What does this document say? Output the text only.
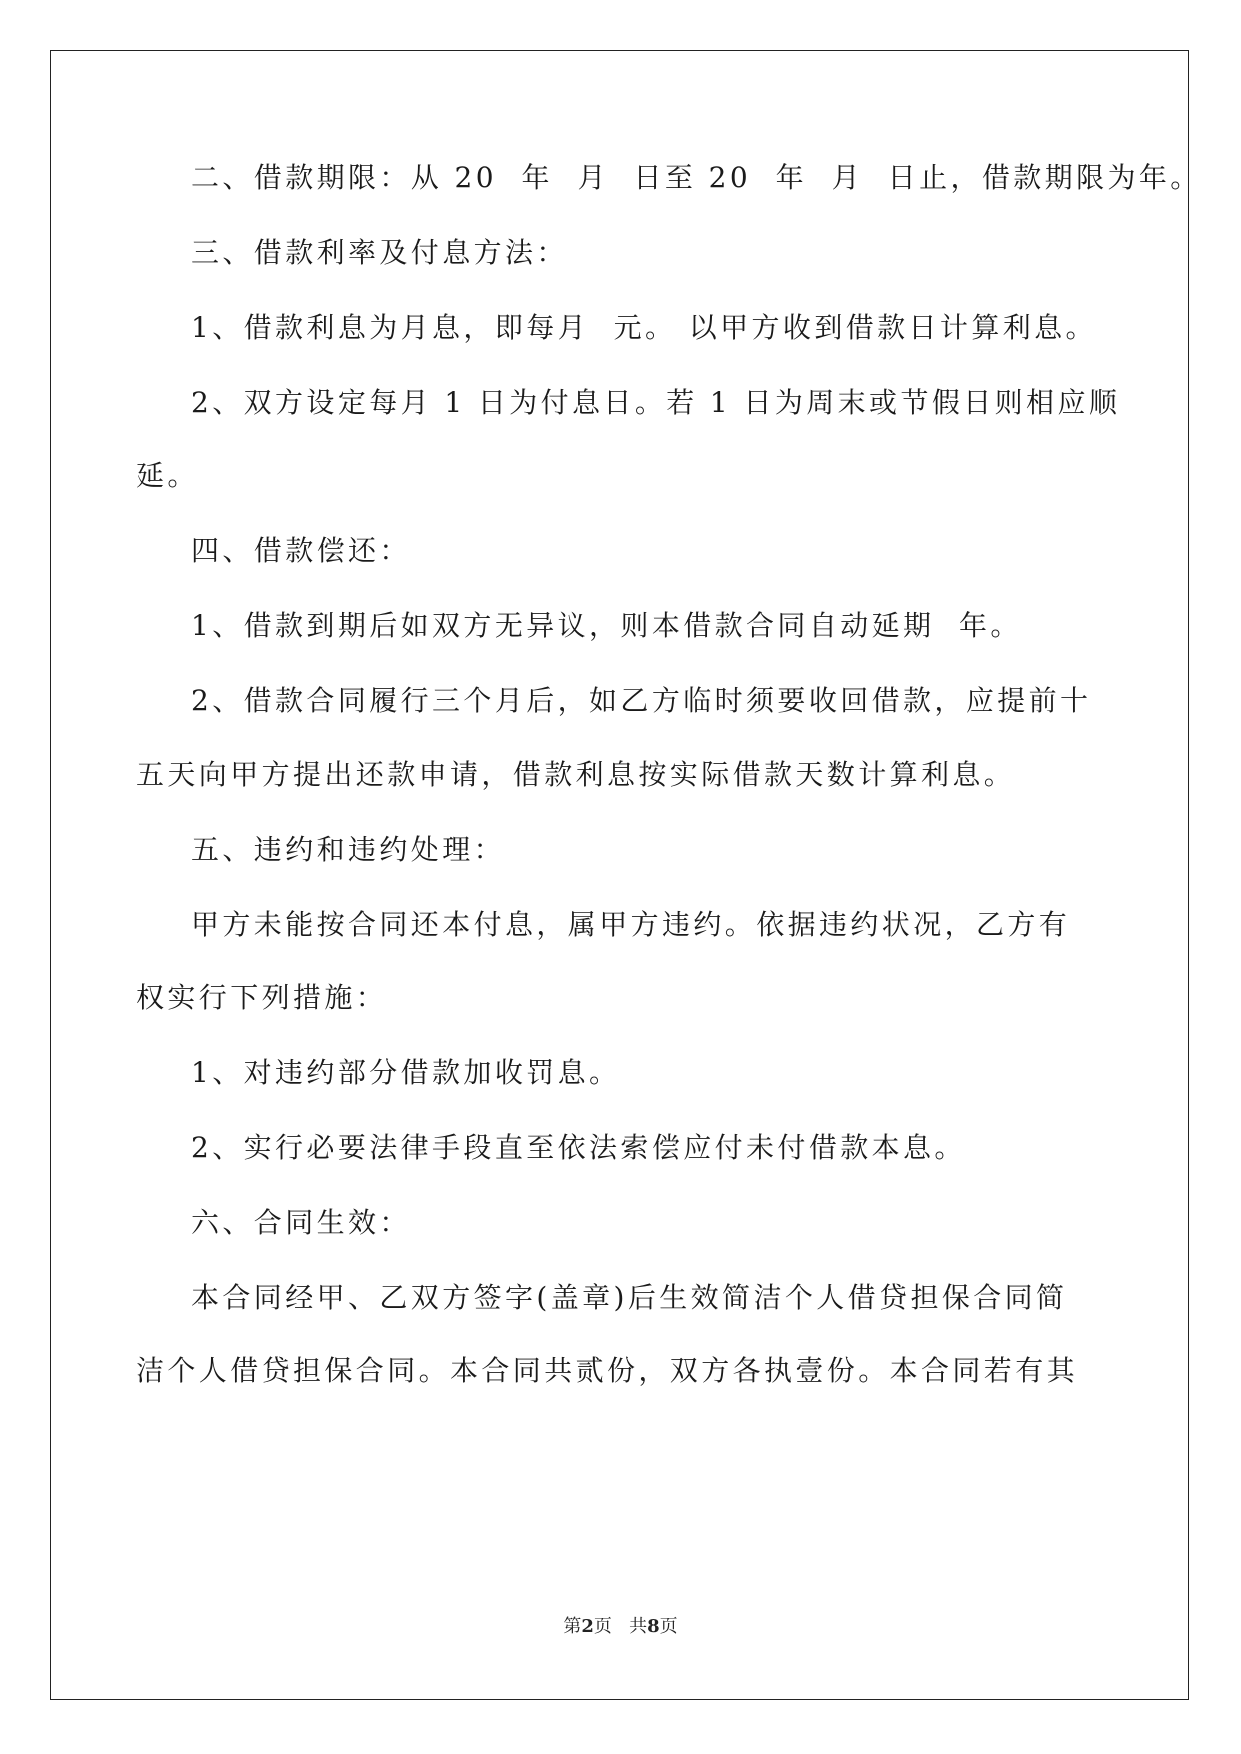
二、借款期限：从 20  年  月  日至 20  年  月  日止，借款期限为年。
三、借款利率及付息方法：
1、借款利息为月息，即每月  元。 以甲方收到借款日计算利息。
2、双方设定每月 1 日为付息日。若 1 日为周末或节假日则相应顺
延。
四、借款偿还：
1、借款到期后如双方无异议，则本借款合同自动延期  年。
2、借款合同履行三个月后，如乙方临时须要收回借款，应提前十
五天向甲方提出还款申请，借款利息按实际借款天数计算利息。
五、违约和违约处理：
甲方未能按合同还本付息，属甲方违约。依据违约状况，乙方有
权实行下列措施：
1、对违约部分借款加收罚息。
2、实行必要法律手段直至依法索偿应付未付借款本息。
六、合同生效：
本合同经甲、乙双方签字(盖章)后生效简洁个人借贷担保合同简
洁个人借贷担保合同。本合同共贰份，双方各执壹份。本合同若有其
第2页   共8页
